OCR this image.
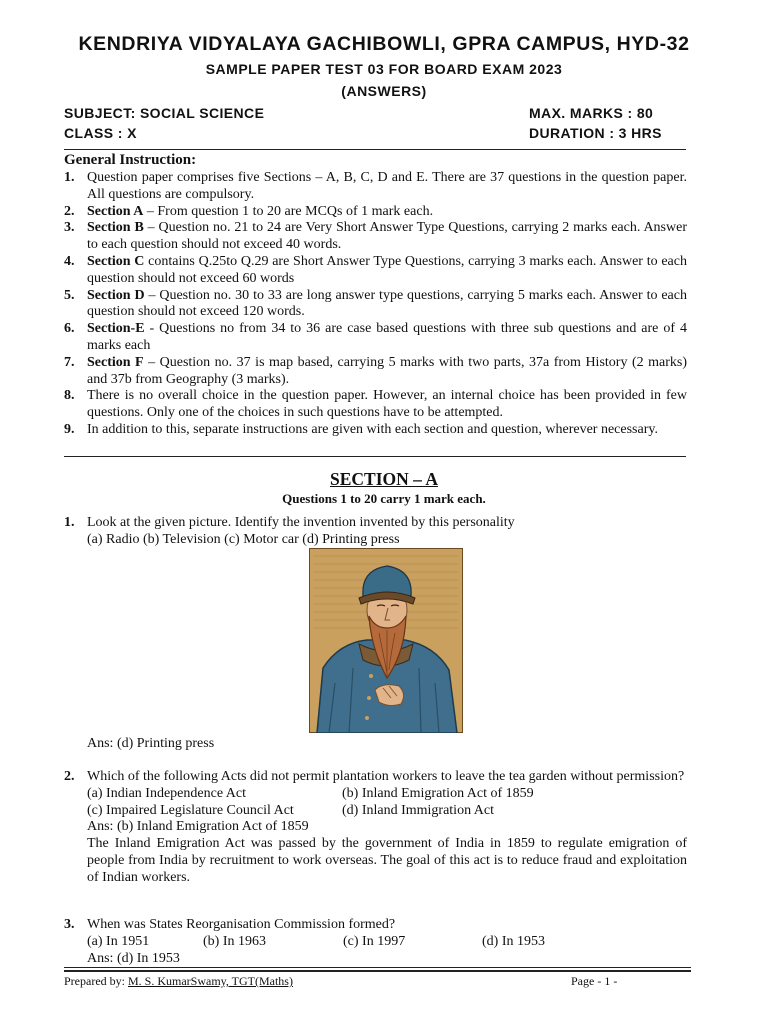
KENDRIYA VIDYALAYA GACHIBOWLI, GPRA CAMPUS, HYD-32
SAMPLE PAPER TEST 03 FOR BOARD EXAM 2023
(ANSWERS)
SUBJECT: SOCIAL SCIENCE	MAX. MARKS : 80
CLASS : X	DURATION : 3 HRS
General Instruction:
1. Question paper comprises five Sections – A, B, C, D and E. There are 37 questions in the question paper. All questions are compulsory.
2. Section A – From question 1 to 20 are MCQs of 1 mark each.
3. Section B – Question no. 21 to 24 are Very Short Answer Type Questions, carrying 2 marks each. Answer to each question should not exceed 40 words.
4. Section C contains Q.25to Q.29 are Short Answer Type Questions, carrying 3 marks each. Answer to each question should not exceed 60 words
5. Section D – Question no. 30 to 33 are long answer type questions, carrying 5 marks each. Answer to each question should not exceed 120 words.
6. Section-E - Questions no from 34 to 36 are case based questions with three sub questions and are of 4 marks each
7. Section F – Question no. 37 is map based, carrying 5 marks with two parts, 37a from History (2 marks) and 37b from Geography (3 marks).
8. There is no overall choice in the question paper. However, an internal choice has been provided in few questions. Only one of the choices in such questions have to be attempted.
9. In addition to this, separate instructions are given with each section and question, wherever necessary.
SECTION – A
Questions 1 to 20 carry 1 mark each.
1. Look at the given picture. Identify the invention invented by this personality
(a) Radio (b) Television (c) Motor car (d) Printing press
Ans: (d) Printing press
2. Which of the following Acts did not permit plantation workers to leave the tea garden without permission?
(a) Indian Independence Act	(b) Inland Emigration Act of 1859
(c) Impaired Legislature Council Act	(d) Inland Immigration Act
Ans: (b) Inland Emigration Act of 1859
The Inland Emigration Act was passed by the government of India in 1859 to regulate emigration of people from India by recruitment to work overseas. The goal of this act is to reduce fraud and exploitation of Indian workers.
3. When was States Reorganisation Commission formed?
(a) In 1951	(b) In 1963	(c) In 1997	(d) In 1953
Ans: (d) In 1953
Prepared by: M. S. KumarSwamy, TGT(Maths)	Page - 1 -
